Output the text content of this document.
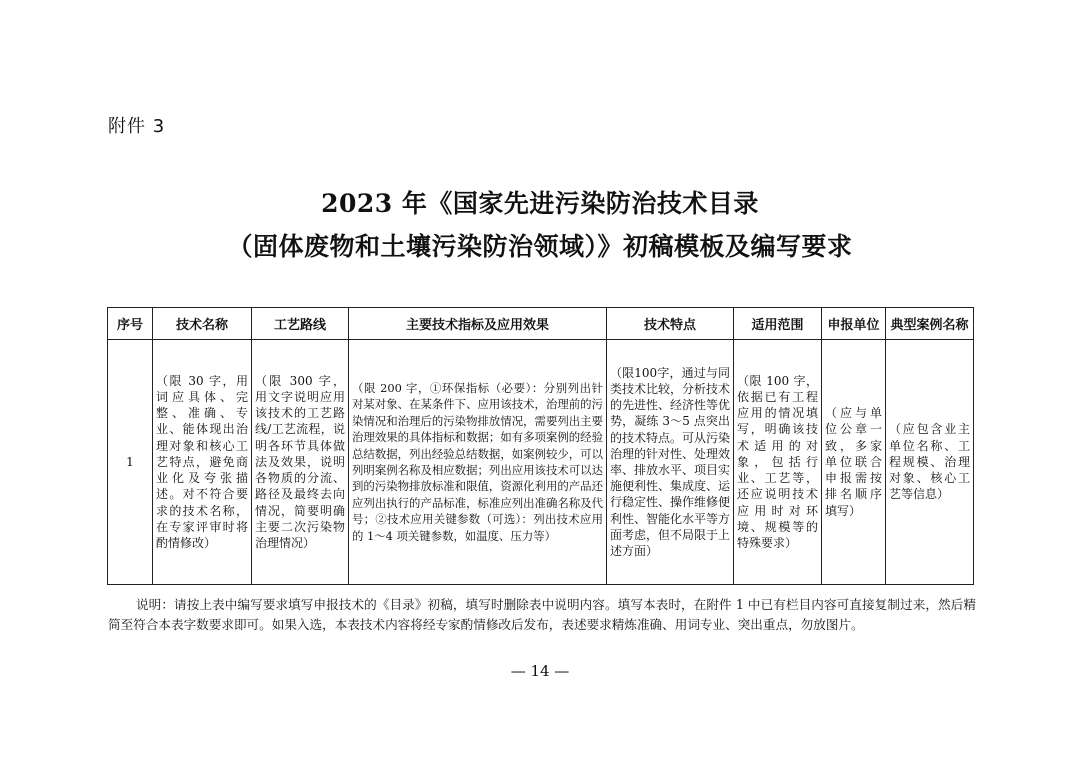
附件 3
2023 年《国家先进污染防治技术目录
（固体废物和土壤污染防治领域）》初稿模板及编写要求
序号	技术名称	工艺路线	主要技术指标及应用效果	技术特点	适用范围	申报单位	典型案例名称
1	（限 30 字，用词应具体、完整、准确、专业、能体现出治理对象和核心工艺特点，避免商业化及夸张描述。对不符合要求的技术名称，在专家评审时将酌情修改）	（限 300 字，用文字说明应用该技术的工艺路线/工艺流程，说明各环节具体做法及效果，说明各物质的分流、路径及最终去向情况，简要明确主要二次污染物治理情况）	（限 200 字，①环保指标（必要）：分别列出针对某对象、在某条件下、应用该技术，治理前的污染情况和治理后的污染物排放情况，需要列出主要治理效果的具体指标和数据；如有多项案例的经验总结数据，列出经验总结数据，如案例较少，可以列明案例名称及相应数据；列出应用该技术可以达到的污染物排放标准和限值，资源化利用的产品还应列出执行的产品标准，标准应列出准确名称及代号；②技术应用关键参数（可选）：列出技术应用的 1～4 项关键参数，如温度、压力等）	（限100字，通过与同类技术比较，分析技术的先进性、经济性等优势，凝练 3～5 点突出的技术特点。可从污染治理的针对性、处理效率、排放水平、项目实施便利性、集成度、运行稳定性、操作维修便利性、智能化水平等方面考虑，但不局限于上述方面）	（限 100 字，依据已有工程应用的情况填写，明确该技术适用的对象，包括行业、工艺等，还应说明技术应用时对环境、规模等的特殊要求）	（应与单位公章一致，多家单位联合申报需按排名顺序填写）	（应包含业主单位名称、工程规模、治理对象、核心工艺等信息）
说明：请按上表中编写要求填写申报技术的《目录》初稿，填写时删除表中说明内容。填写本表时，在附件 1 中已有栏目内容可直接复制过来，然后精简至符合本表字数要求即可。如果入选，本表技术内容将经专家酌情修改后发布，表述要求精炼准确、用词专业、突出重点，勿放图片。
— 14 —
